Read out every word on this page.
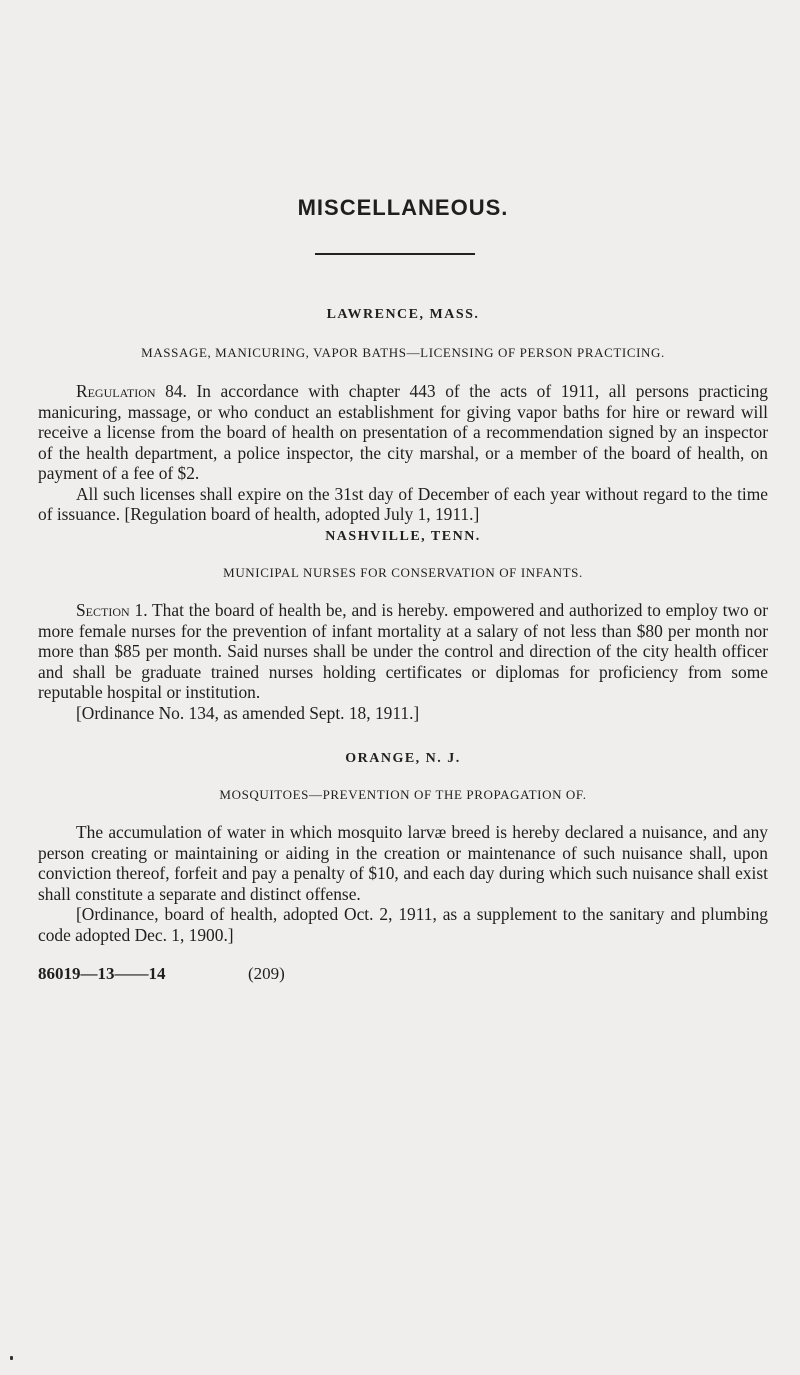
MISCELLANEOUS.

LAWRENCE, MASS.

MASSAGE, MANICURING, VAPOR BATHS—LICENSING OF PERSON PRACTICING.

Regulation 84. In accordance with chapter 443 of the acts of 1911, all persons practicing manicuring, massage, or who conduct an establishment for giving vapor baths for hire or reward will receive a license from the board of health on presentation of a recommendation signed by an inspector of the health department, a police inspector, the city marshal, or a member of the board of health, on payment of a fee of $2.

All such licenses shall expire on the 31st day of December of each year without regard to the time of issuance. [Regulation board of health, adopted July 1, 1911.]

NASHVILLE, TENN.

MUNICIPAL NURSES FOR CONSERVATION OF INFANTS.

Section 1. That the board of health be, and is hereby. empowered and authorized to employ two or more female nurses for the prevention of infant mortality at a salary of not less than $80 per month nor more than $85 per month. Said nurses shall be under the control and direction of the city health officer and shall be graduate trained nurses holding certificates or diplomas for proficiency from some reputable hospital or institution.

[Ordinance No. 134, as amended Sept. 18, 1911.]

ORANGE, N. J.

MOSQUITOES—PREVENTION OF THE PROPAGATION OF.

The accumulation of water in which mosquito larvæ breed is hereby declared a nuisance, and any person creating or maintaining or aiding in the creation or maintenance of such nuisance shall, upon conviction thereof, forfeit and pay a penalty of $10, and each day during which such nuisance shall exist shall constitute a separate and distinct offense.

[Ordinance, board of health, adopted Oct. 2, 1911, as a supplement to the sanitary and plumbing code adopted Dec. 1, 1900.]

86019—13——14	(209)
